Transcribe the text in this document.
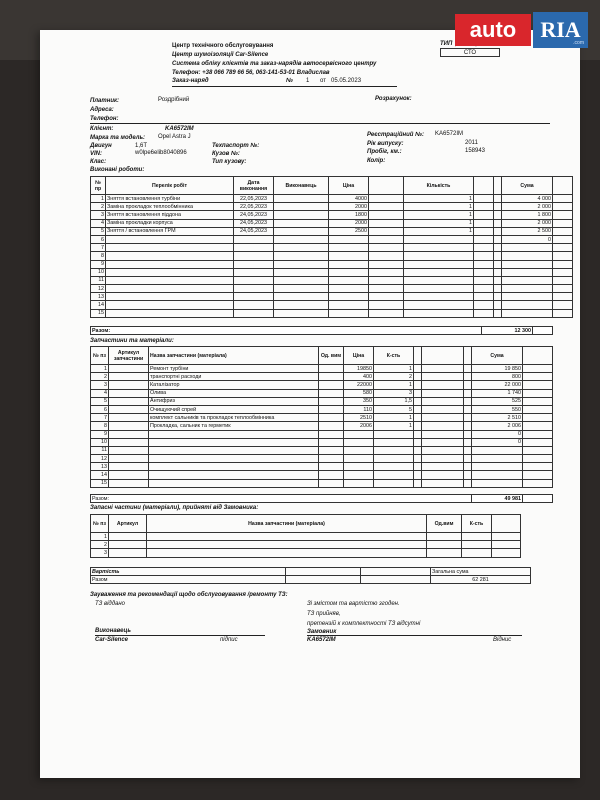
Центр технічного обслуговування
Центр шумоізоляції Car-Silence
Система обліку клієнтів та заказ-нарядів автосервісного центру
Телефон: +38 066 789 66 56, 063-141-53-01 Владислав
Заказ-наряд	№ 1 от 05.05.2023
ТИП
СТО
Платник:	Роздрібний	Розрахунок:
Адреса:
Телефон:
Клієнт:	KA6572IM
Марка та модель: Opel Astra J
Двигун	1,6T
VIN:	w0lpe6elib8040896
Клас:
Техпаспорт №:
Кузов №:
Тип кузову:
Реєстраційний №: KA6572IM
Рік випуску:	2011
Пробіг, км.:	158943
Колір:
Виконані роботи:
№ пр	Перелік робіт	Дата виконання	Виконавець	Ціна		Кількість			Сума	
1	Зняття встановлення турбіни	22,05,2023		4000		1			4 000	
2	Заміна прокладок теплообмінника	22,05,2023		2000		1			2 000	
3	Зняття встановлення піддона	24,05,2023		1800		1			1 800	
4	Заміна прокладки корпуса	24,05,2023		2000		1			2 000	
5	Зняття / встановлення ГРМ	24,05,2023		2500		1			2 500	
6									0	
7										
8										
9										
10										
11										
12										
13										
14										
15										
Разом:	12 300	
Запчастини та матеріали:
№ пз	Артикул запчастини	Назва запчастини (матеріала)	Од. вим	Ціна	К-сть				Сума	
1		Ремонт турбіни		19850	1				19 850	
2		транспортні расходи		400	2				800	
3		Каталізатор		22000	1				22 000	
4		Олива		580	3				1 740	
5		Антифриз		350	1,5				525	
6		Очищуючий спрей		110	5				550	
7		комплект сальників та прокладок теплообмінника		2510	1				2 510	
8		Прокладка, сальник та герметик		2006	1				2 006	
9									0	
10									0	
11										
12										
13										
14										
15										
Разом:	49 981	
Запасні частини (матеріали), прийняті від Замовника:
№ пз	Артикул	Назва запчастини (матеріала)	Од.вим	К-сть	
1					
2					
3					
Вартість			Загальна сума
Разом			62 281
Зауваження та рекомендації щодо обслуговування /ремонту ТЗ:
ТЗ віддано	Зі змістом та вартістю згоден.
ТЗ прийняв,
претензій к комплектності ТЗ відсутні
Виконавець
Car-Silence	підпис
Замовник
KA6572IM	Віднис
auto	RIA
.com
